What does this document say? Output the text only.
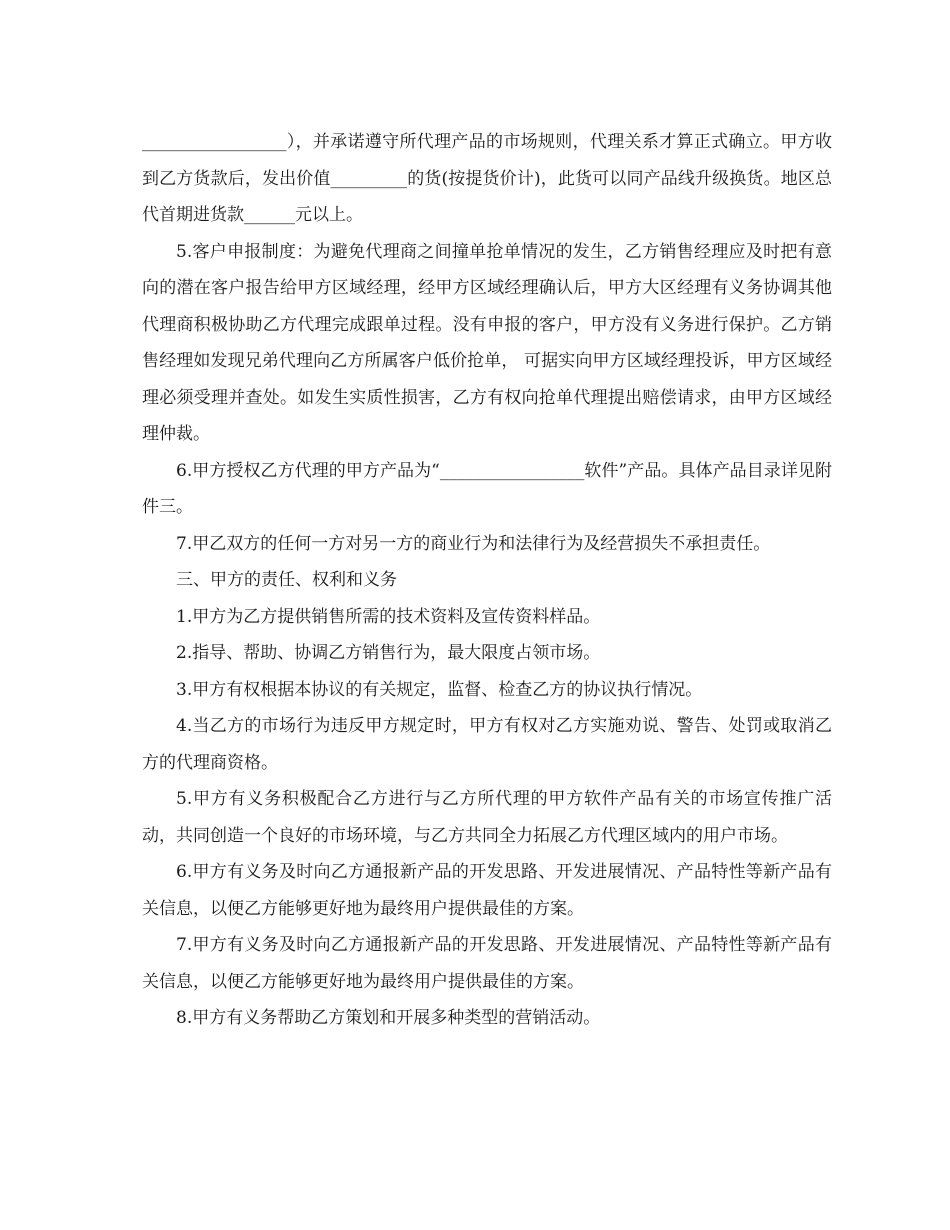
_________________），并承诺遵守所代理产品的市场规则，代理关系才算正式确立。甲方收到乙方货款后，发出价值_________的货(按提货价计)，此货可以同产品线升级换货。地区总代首期进货款______元以上。

5.客户申报制度：为避免代理商之间撞单抢单情况的发生，乙方销售经理应及时把有意向的潜在客户报告给甲方区域经理，经甲方区域经理确认后，甲方大区经理有义务协调其他代理商积极协助乙方代理完成跟单过程。没有申报的客户，甲方没有义务进行保护。乙方销售经理如发现兄弟代理向乙方所属客户低价抢单， 可据实向甲方区域经理投诉，甲方区域经理必须受理并查处。如发生实质性损害，乙方有权向抢单代理提出赔偿请求，由甲方区域经理仲裁。

6.甲方授权乙方代理的甲方产品为“_________________软件”产品。具体产品目录详见附件三。

7.甲乙双方的任何一方对另一方的商业行为和法律行为及经营损失不承担责任。

三、甲方的责任、权利和义务

1.甲方为乙方提供销售所需的技术资料及宣传资料样品。

2.指导、帮助、协调乙方销售行为，最大限度占领市场。

3.甲方有权根据本协议的有关规定，监督、检查乙方的协议执行情况。

4.当乙方的市场行为违反甲方规定时，甲方有权对乙方实施劝说、警告、处罚或取消乙方的代理商资格。

5.甲方有义务积极配合乙方进行与乙方所代理的甲方软件产品有关的市场宣传推广活动，共同创造一个良好的市场环境，与乙方共同全力拓展乙方代理区域内的用户市场。

6.甲方有义务及时向乙方通报新产品的开发思路、开发进展情况、产品特性等新产品有关信息，以便乙方能够更好地为最终用户提供最佳的方案。

7.甲方有义务及时向乙方通报新产品的开发思路、开发进展情况、产品特性等新产品有关信息，以便乙方能够更好地为最终用户提供最佳的方案。

8.甲方有义务帮助乙方策划和开展多种类型的营销活动。
